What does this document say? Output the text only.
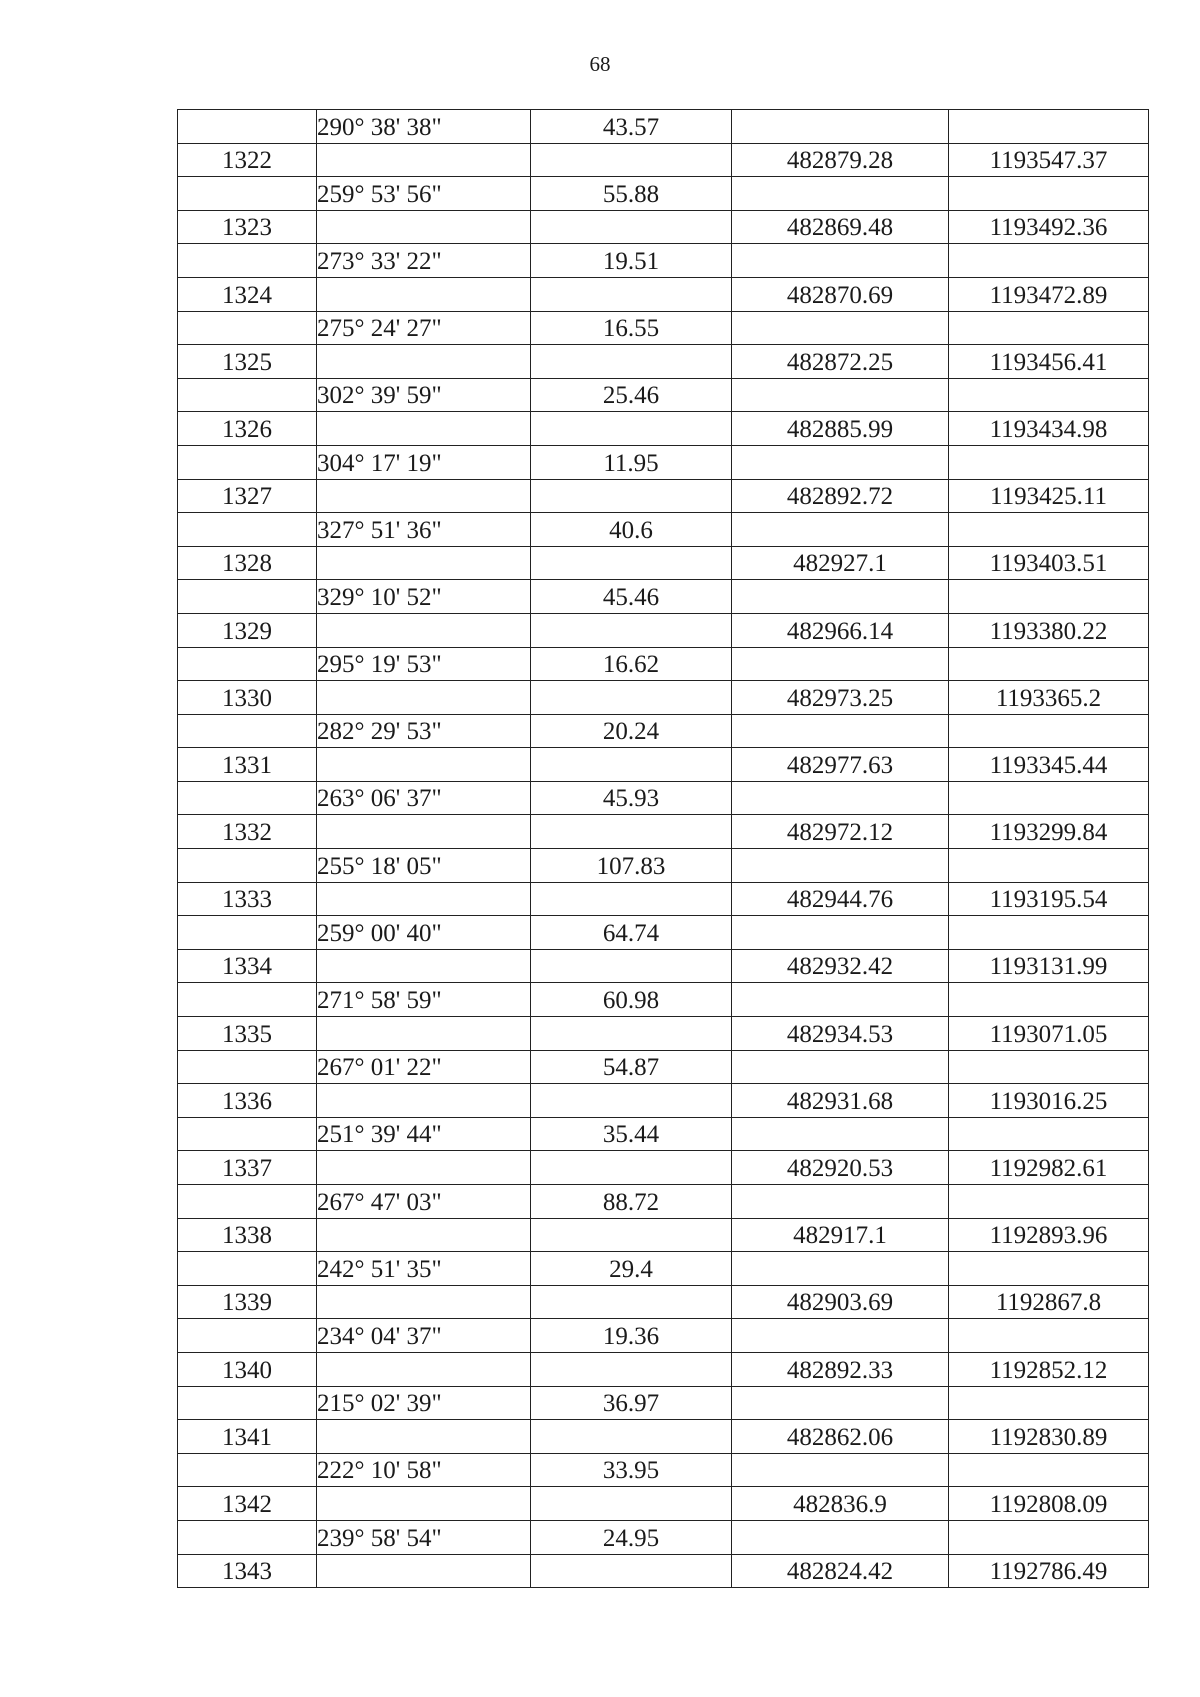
68
	290° 38' 38"	43.57		
1322			482879.28	1193547.37
	259° 53' 56"	55.88		
1323			482869.48	1193492.36
	273° 33' 22"	19.51		
1324			482870.69	1193472.89
	275° 24' 27"	16.55		
1325			482872.25	1193456.41
	302° 39' 59"	25.46		
1326			482885.99	1193434.98
	304° 17' 19"	11.95		
1327			482892.72	1193425.11
	327° 51' 36"	40.6		
1328			482927.1	1193403.51
	329° 10' 52"	45.46		
1329			482966.14	1193380.22
	295° 19' 53"	16.62		
1330			482973.25	1193365.2
	282° 29' 53"	20.24		
1331			482977.63	1193345.44
	263° 06' 37"	45.93		
1332			482972.12	1193299.84
	255° 18' 05"	107.83		
1333			482944.76	1193195.54
	259° 00' 40"	64.74		
1334			482932.42	1193131.99
	271° 58' 59"	60.98		
1335			482934.53	1193071.05
	267° 01' 22"	54.87		
1336			482931.68	1193016.25
	251° 39' 44"	35.44		
1337			482920.53	1192982.61
	267° 47' 03"	88.72		
1338			482917.1	1192893.96
	242° 51' 35"	29.4		
1339			482903.69	1192867.8
	234° 04' 37"	19.36		
1340			482892.33	1192852.12
	215° 02' 39"	36.97		
1341			482862.06	1192830.89
	222° 10' 58"	33.95		
1342			482836.9	1192808.09
	239° 58' 54"	24.95		
1343			482824.42	1192786.49
